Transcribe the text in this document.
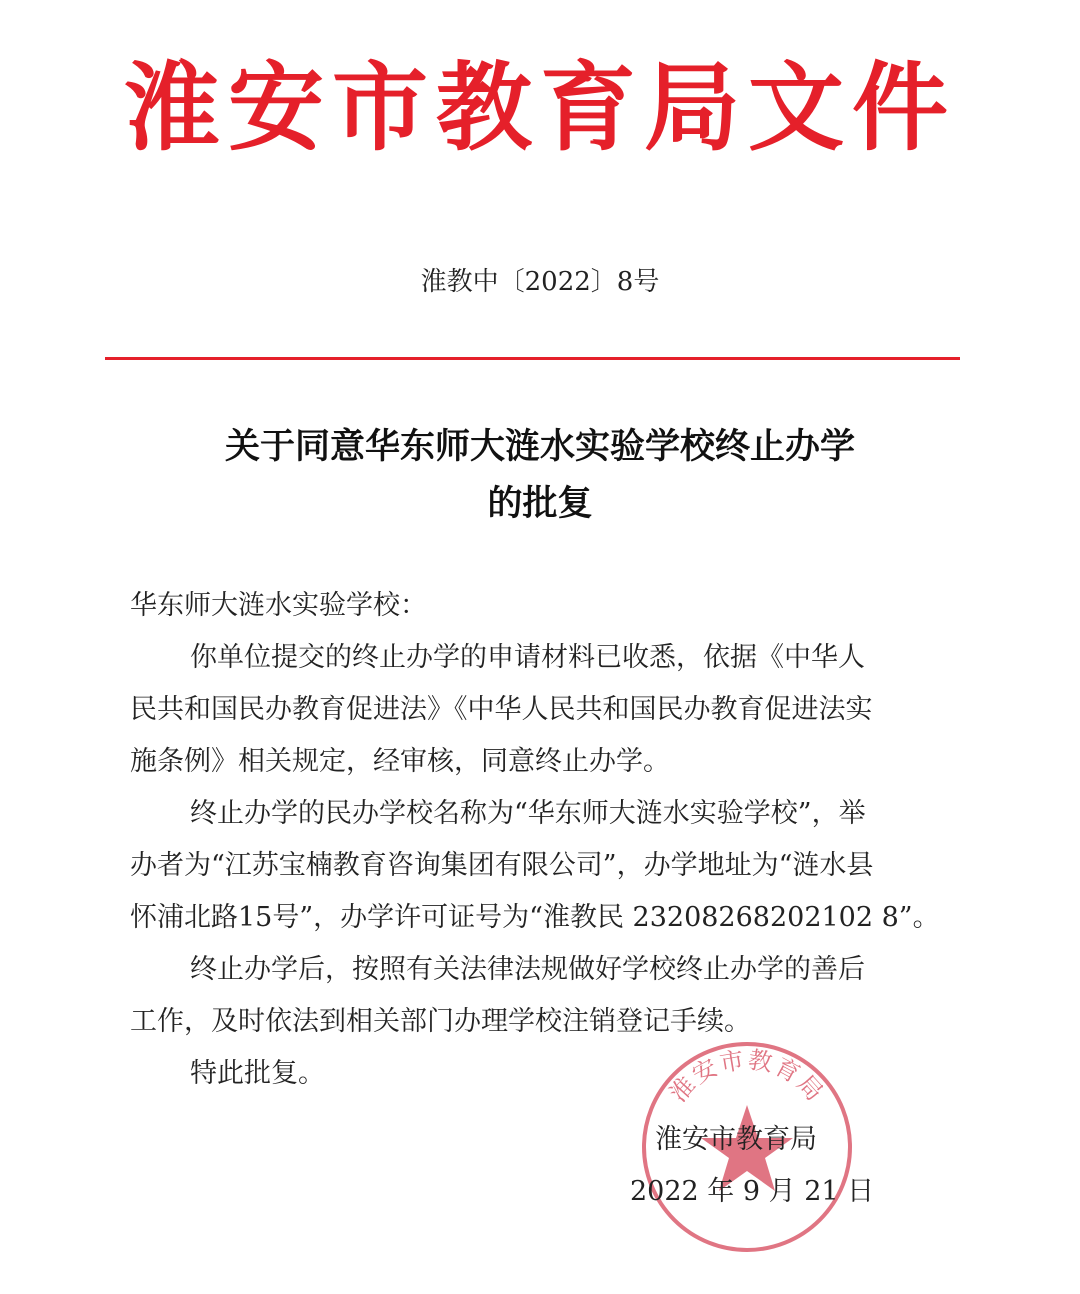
淮安市教育局文件
淮教中〔2022〕8号
关于同意华东师大涟水实验学校终止办学
的批复
华东师大涟水实验学校：
你单位提交的终止办学的申请材料已收悉，依据《中华人
民共和国民办教育促进法》《中华人民共和国民办教育促进法实
施条例》相关规定，经审核，同意终止办学。
终止办学的民办学校名称为“华东师大涟水实验学校”，举
办者为“江苏宝楠教育咨询集团有限公司”，办学地址为“涟水县
怀浦北路15号”，办学许可证号为“淮教民 23208268202102 8”。
终止办学后，按照有关法律法规做好学校终止办学的善后
工作，及时依法到相关部门办理学校注销登记手续。
特此批复。	淮安市教育局
淮安市教育局
2022 年 9 月 21 日
